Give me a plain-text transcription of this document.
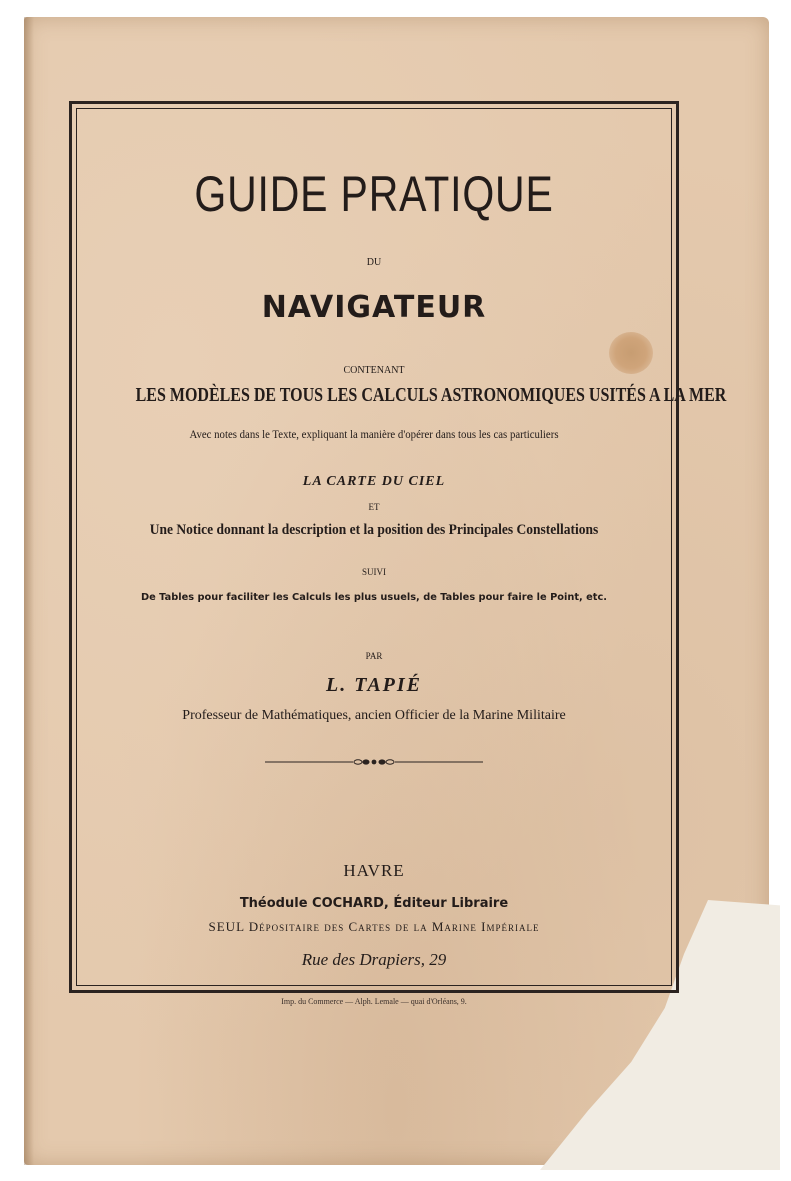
GUIDE PRATIQUE
DU
NAVIGATEUR
CONTENANT
LES MODÈLES DE TOUS LES CALCULS ASTRONOMIQUES USITÉS A LA MER
Avec notes dans le Texte, expliquant la manière d'opérer dans tous les cas particuliers
LA CARTE DU CIEL
ET
Une Notice donnant la description et la position des Principales Constellations
SUIVI
De Tables pour faciliter les Calculs les plus usuels, de Tables pour faire le Point, etc.
PAR
L. TAPIÉ
Professeur de Mathématiques, ancien Officier de la Marine Militaire
HAVRE
Théodule COCHARD, Éditeur Libraire
SEUL Dépositaire des Cartes de la Marine Impériale
Rue des Drapiers, 29
Imp. du Commerce — Alph. Lemale — quai d'Orléans, 9.
